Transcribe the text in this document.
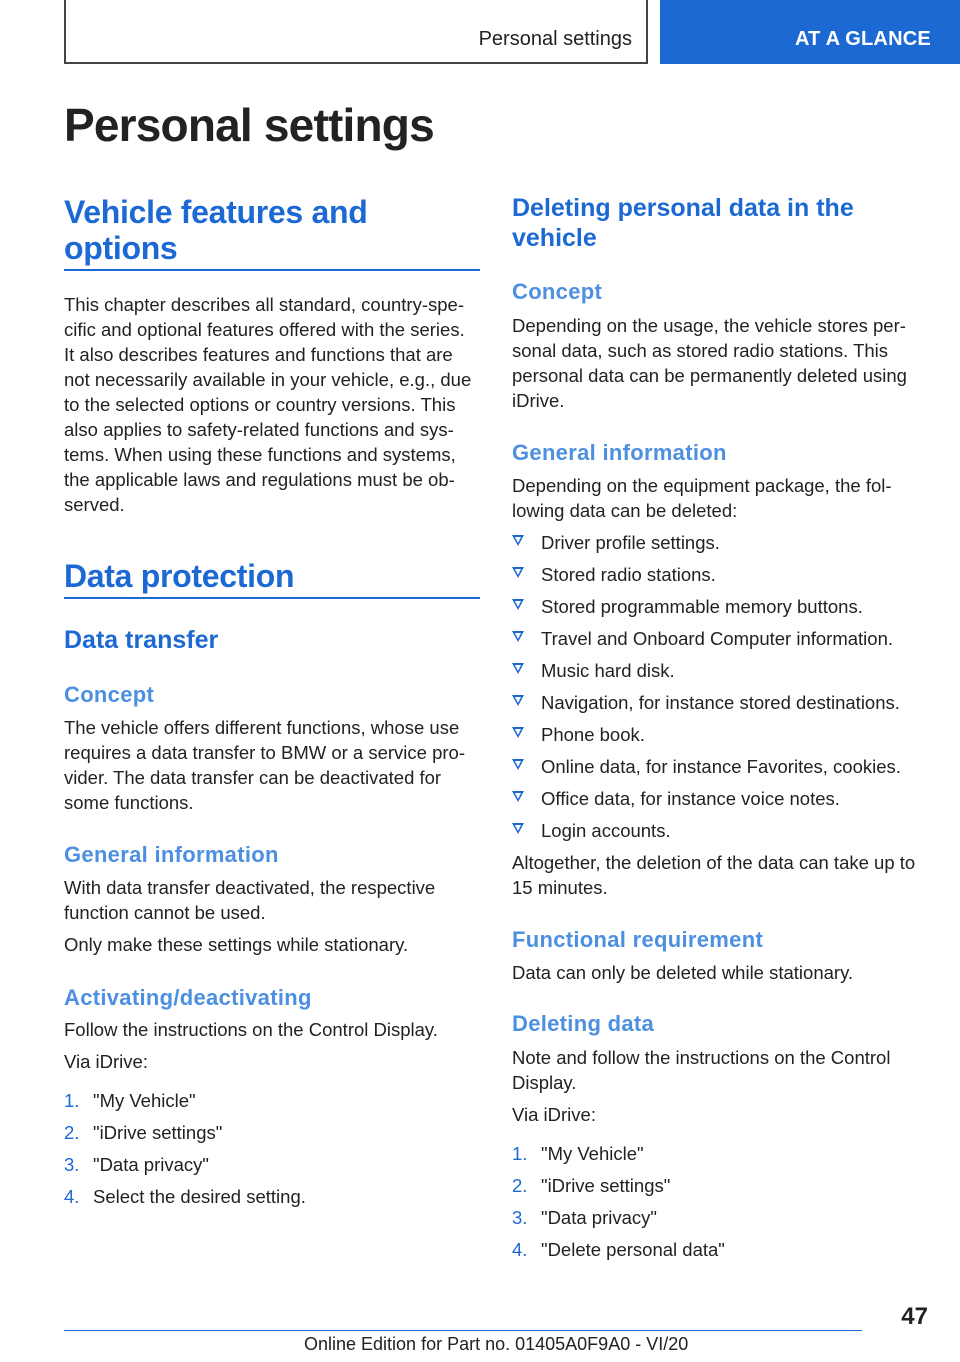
Personal settings	AT A GLANCE
Personal settings
Vehicle features and options

This chapter describes all standard, country-spe-cific and optional features offered with the series. It also describes features and functions that are not necessarily available in your vehicle, e.g., due to the selected options or country versions. This also applies to safety-related functions and sys-tems. When using these functions and systems, the applicable laws and regulations must be ob-served.

Data protection
Data transfer
Concept

The vehicle offers different functions, whose use requires a data transfer to BMW or a service pro-vider. The data transfer can be deactivated for some functions.

General information

With data transfer deactivated, the respective function cannot be used.

Only make these settings while stationary.

Activating/deactivating

Follow the instructions on the Control Display.

Via iDrive:

1. "My Vehicle"
2. "iDrive settings"
3. "Data privacy"
4. Select the desired setting.
Deleting personal data in the vehicle
Concept

Depending on the usage, the vehicle stores per-sonal data, such as stored radio stations. This personal data can be permanently deleted using iDrive.

General information

Depending on the equipment package, the fol-lowing data can be deleted:

Driver profile settings.
Stored radio stations.
Stored programmable memory buttons.
Travel and Onboard Computer information.
Music hard disk.
Navigation, for instance stored destinations.
Phone book.
Online data, for instance Favorites, cookies.
Office data, for instance voice notes.
Login accounts.

Altogether, the deletion of the data can take up to 15 minutes.

Functional requirement

Data can only be deleted while stationary.

Deleting data

Note and follow the instructions on the Control Display.

Via iDrive:

1. "My Vehicle"
2. "iDrive settings"
3. "Data privacy"
4. "Delete personal data"
47
Online Edition for Part no. 01405A0F9A0 - VI/20
